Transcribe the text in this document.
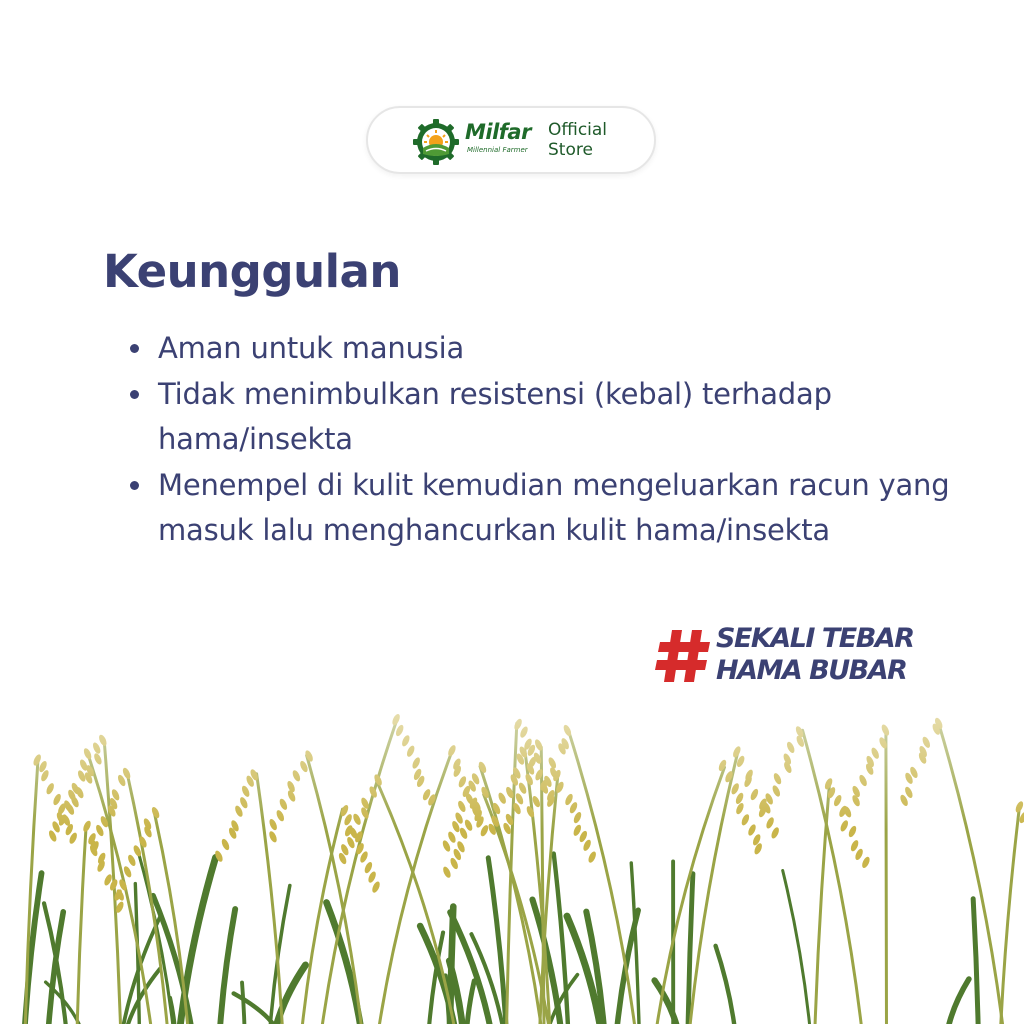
Milfar
Millennial Farmer
Official
Store
Keunggulan
Aman untuk manusia
Tidak menimbulkan resistensi (kebal) terhadap hama/insekta
Menempel di kulit kemudian mengeluarkan racun yang masuk lalu menghancurkan kulit hama/insekta
SEKALI TEBAR
HAMA BUBAR
